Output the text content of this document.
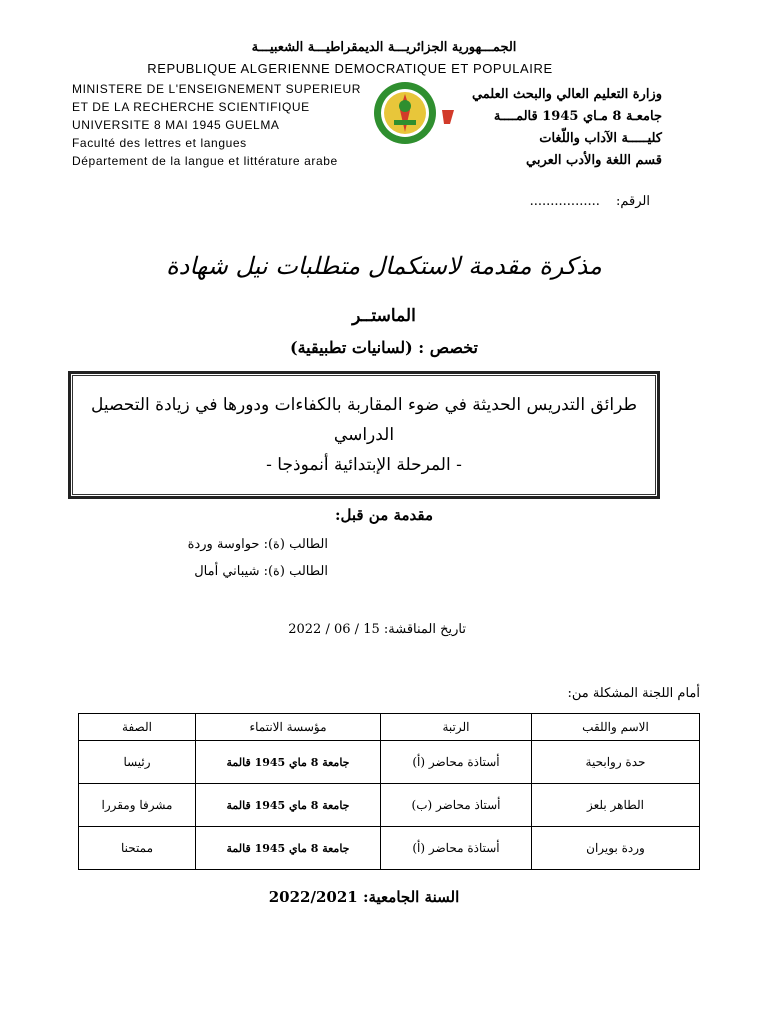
الجمـــهورية الجزائريـــة الديمقراطيـــة الشعبيـــة
REPUBLIQUE ALGERIENNE DEMOCRATIQUE ET POPULAIRE
MINISTERE DE L'ENSEIGNEMENT SUPERIEUR
ET DE LA RECHERCHE SCIENTIFIQUE
UNIVERSITE 8 MAI 1945 GUELMA
Faculté des lettres et langues
Département de la langue et littérature arabe
وزارة التعليم العالي والبحث العلمي
جامعـة 8 مـاي 1945 قالمــــة
كليـــــة الآداب واللّغات
قسم اللغة والأدب العربي
الرقم: .................
مذكرة مقدمة لاستكمال متطلبات نيل شهادة
الماستــر
تخصص : (لسانيات تطبيقية)
طرائق التدريس الحديثة في ضوء المقاربة بالكفاءات ودورها في زيادة التحصيل الدراسي
- المرحلة الإبتدائية أنموذجا -
مقدمة من قبل:
الطالب (ة): حواوسة وردة
الطالب (ة): شيباني أمال
تاريخ المناقشة: 15 / 06 / 2022
أمام اللجنة المشكلة من:
الاسم واللقب	الرتبة	مؤسسة الانتماء	الصفة
حدة روابحية	أستاذة محاضر (أ)	جامعة 8 ماي 1945 قالمة	رئيسا
الطاهر بلعز	أستاذ محاضر (ب)	جامعة 8 ماي 1945 قالمة	مشرفا ومقررا
وردة بويران	أستاذة محاضر (أ)	جامعة 8 ماي 1945 قالمة	ممتحنا
السنة الجامعية: 2022/2021
